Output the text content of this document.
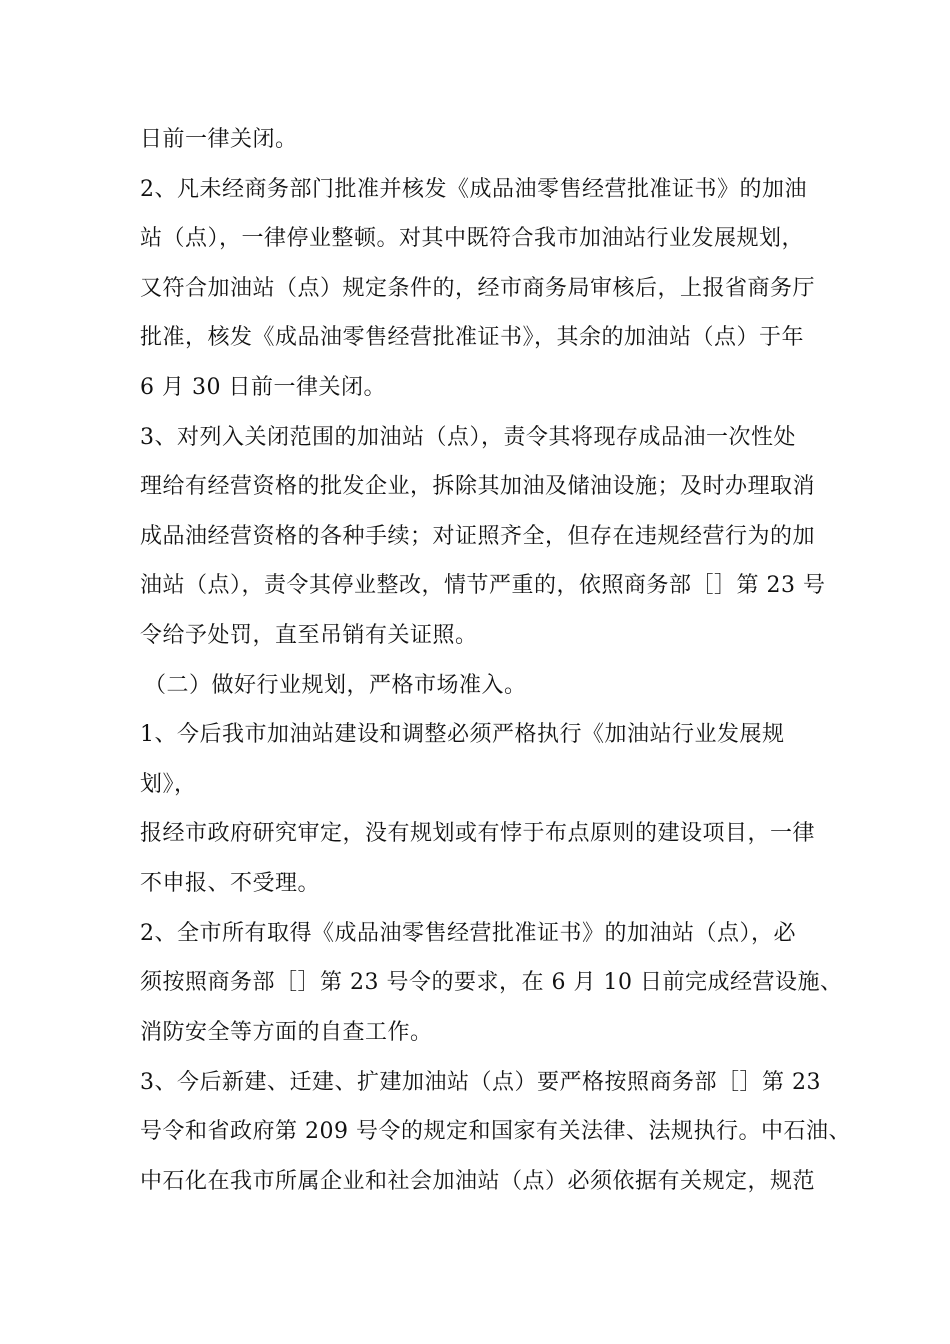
日前一律关闭。
2、凡未经商务部门批准并核发《成品油零售经营批准证书》的加油
站（点），一律停业整顿。对其中既符合我市加油站行业发展规划，
又符合加油站（点）规定条件的，经市商务局审核后，上报省商务厅
批准，核发《成品油零售经营批准证书》，其余的加油站（点）于年
6 月 30 日前一律关闭。
3、对列入关闭范围的加油站（点），责令其将现存成品油一次性处
理给有经营资格的批发企业，拆除其加油及储油设施；及时办理取消
成品油经营资格的各种手续；对证照齐全，但存在违规经营行为的加
油站（点），责令其停业整改，情节严重的，依照商务部［］第 23 号
令给予处罚，直至吊销有关证照。
（二）做好行业规划，严格市场准入。
1、今后我市加油站建设和调整必须严格执行《加油站行业发展规
划》，
报经市政府研究审定，没有规划或有悖于布点原则的建设项目，一律
不申报、不受理。
2、全市所有取得《成品油零售经营批准证书》的加油站（点），必
须按照商务部［］第 23 号令的要求，在 6 月 10 日前完成经营设施、
消防安全等方面的自查工作。
3、今后新建、迁建、扩建加油站（点）要严格按照商务部［］第 23
号令和省政府第 209 号令的规定和国家有关法律、法规执行。中石油、
中石化在我市所属企业和社会加油站（点）必须依据有关规定，规范
